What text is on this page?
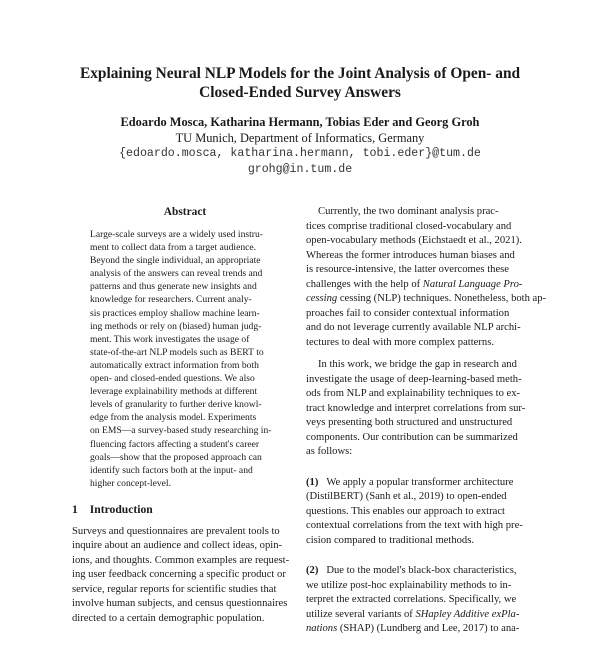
Explaining Neural NLP Models for the Joint Analysis of Open- and
Closed-Ended Survey Answers
Edoardo Mosca, Katharina Hermann, Tobias Eder and Georg Groh
TU Munich, Department of Informatics, Germany
{edoardo.mosca, katharina.hermann, tobi.eder}@tum.de
grohg@in.tum.de
Abstract
Large-scale surveys are a widely used instru-
ment to collect data from a target audience.
Beyond the single individual, an appropriate
analysis of the answers can reveal trends and
patterns and thus generate new insights and
knowledge for researchers. Current analy-
sis practices employ shallow machine learn-
ing methods or rely on (biased) human judg-
ment. This work investigates the usage of
state-of-the-art NLP models such as BERT to
automatically extract information from both
open- and closed-ended questions. We also
leverage explainability methods at different
levels of granularity to further derive knowl-
edge from the analysis model. Experiments
on EMS—a survey-based study researching in-
fluencing factors affecting a student's career
goals—show that the proposed approach can
identify such factors both at the input- and
higher concept-level.
1 Introduction
Surveys and questionnaires are prevalent tools to
inquire about an audience and collect ideas, opin-
ions, and thoughts. Common examples are request-
ing user feedback concerning a specific product or
service, regular reports for scientific studies that
involve human subjects, and census questionnaires
directed to a certain demographic population.
Currently, the two dominant analysis prac-
tices comprise traditional closed-vocabulary and
open-vocabulary methods (Eichstaedt et al., 2021).
Whereas the former introduces human biases and
is resource-intensive, the latter overcomes these
challenges with the help of Natural Language Pro-
cessing cessing (NLP) techniques. Nonetheless, both ap-
proaches fail to consider contextual information
and do not leverage currently available NLP archi-
tectures to deal with more complex patterns.
In this work, we bridge the gap in research and
investigate the usage of deep-learning-based meth-
ods from NLP and explainability techniques to ex-
tract knowledge and interpret correlations from sur-
veys presenting both structured and unstructured
components. Our contribution can be summarized
as follows:
(1) We apply a popular transformer architecture
(DistilBERT) (Sanh et al., 2019) to open-ended
questions. This enables our approach to extract
contextual correlations from the text with high pre-
cision compared to traditional methods.
(2) Due to the model's black-box characteristics,
we utilize post-hoc explainability methods to in-
terpret the extracted correlations. Specifically, we
utilize several variants of SHapley Additive exPla-
nations (SHAP) (Lundberg and Lee, 2017) to ana-
